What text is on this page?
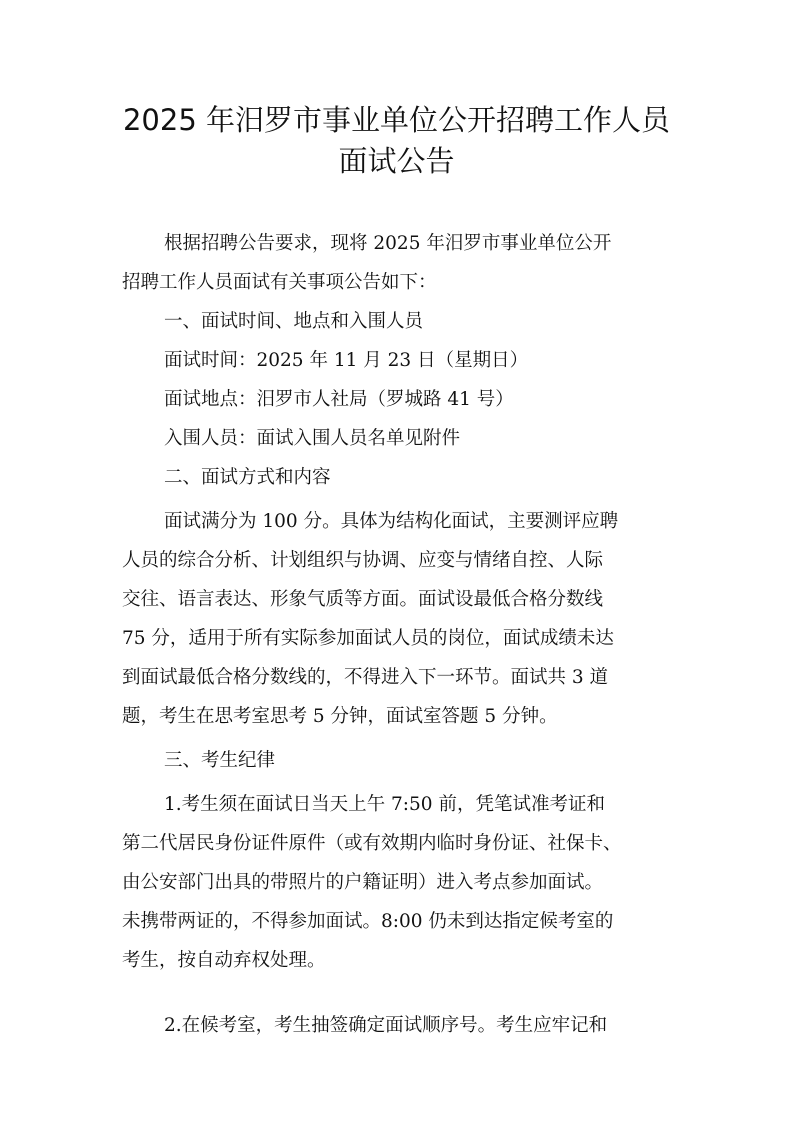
2025 年汨罗市事业单位公开招聘工作人员
面试公告
根据招聘公告要求，现将 2025 年汨罗市事业单位公开
招聘工作人员面试有关事项公告如下：
一、面试时间、地点和入围人员
面试时间：2025 年 11 月 23 日（星期日）
面试地点：汨罗市人社局（罗城路 41 号）
入围人员：面试入围人员名单见附件
二、面试方式和内容
面试满分为 100 分。具体为结构化面试，主要测评应聘
人员的综合分析、计划组织与协调、应变与情绪自控、人际
交往、语言表达、形象气质等方面。面试设最低合格分数线
75 分，适用于所有实际参加面试人员的岗位，面试成绩未达
到面试最低合格分数线的，不得进入下一环节。面试共 3 道
题，考生在思考室思考 5 分钟，面试室答题 5 分钟。
三、考生纪律
1.考生须在面试日当天上午 7:50 前，凭笔试准考证和
第二代居民身份证件原件（或有效期内临时身份证、社保卡、
由公安部门出具的带照片的户籍证明）进入考点参加面试。
未携带两证的，不得参加面试。8:00 仍未到达指定候考室的
考生，按自动弃权处理。
2.在候考室，考生抽签确定面试顺序号。考生应牢记和
